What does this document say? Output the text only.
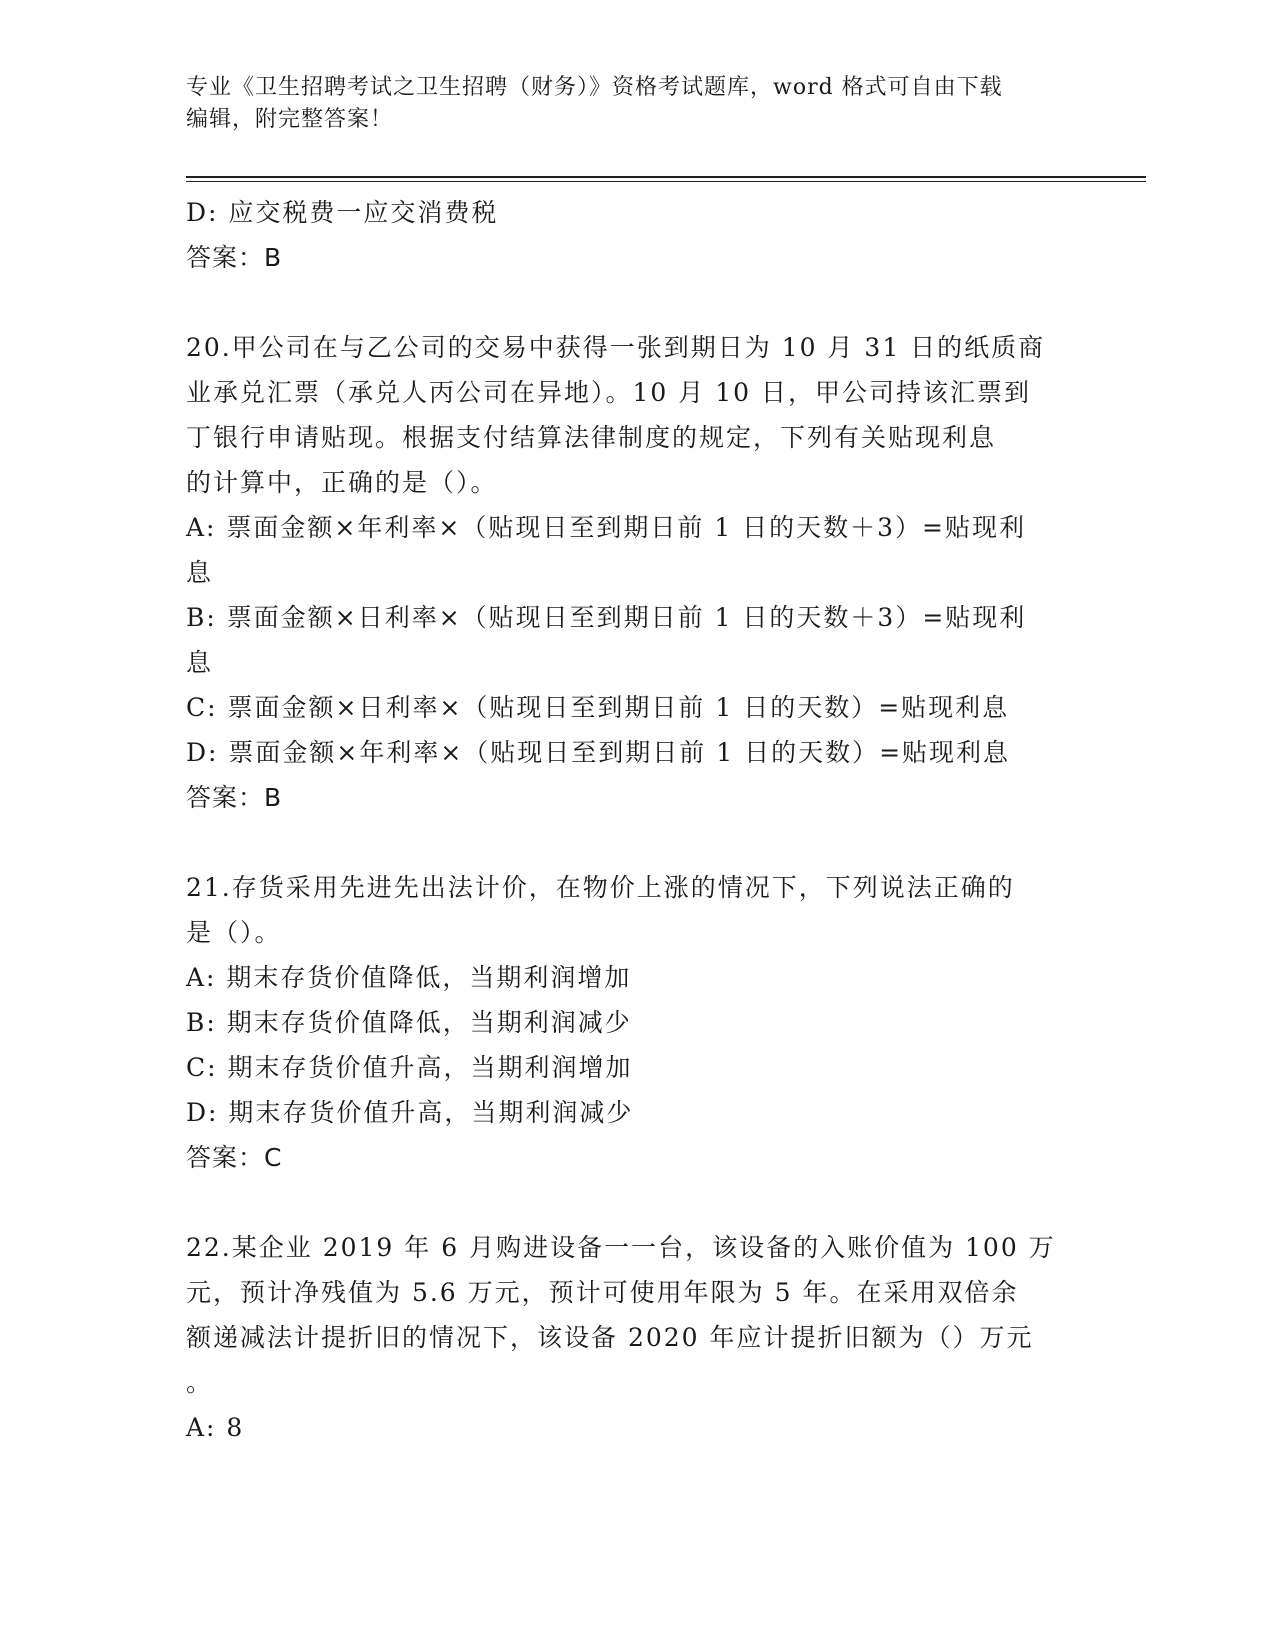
专业《卫生招聘考试之卫生招聘（财务）》资格考试题库，word 格式可自由下载
编辑，附完整答案！
D: 应交税费一应交消费税
答案：B
20.甲公司在与乙公司的交易中获得一张到期日为 10 月 31 日的纸质商
业承兑汇票（承兑人丙公司在异地）。10 月 10 日，甲公司持该汇票到
丁银行申请贴现。根据支付结算法律制度的规定，下列有关贴现利息
的计算中，正确的是（）。
A: 票面金额×年利率×（贴现日至到期日前 1 日的天数＋3）=贴现利
息
B: 票面金额×日利率×（贴现日至到期日前 1 日的天数＋3）=贴现利
息
C: 票面金额×日利率×（贴现日至到期日前 1 日的天数）=贴现利息
D: 票面金额×年利率×（贴现日至到期日前 1 日的天数）=贴现利息
答案：B
21.存货采用先进先出法计价，在物价上涨的情况下，下列说法正确的
是（）。
A: 期末存货价值降低，当期利润增加
B: 期末存货价值降低，当期利润减少
C: 期末存货价值升高，当期利润增加
D: 期末存货价值升高，当期利润减少
答案：C
22.某企业 2019 年 6 月购进设备一一台，该设备的入账价值为 100 万
元，预计净残值为 5.6 万元，预计可使用年限为 5 年。在采用双倍余
额递减法计提折旧的情况下，该设备 2020 年应计提折旧额为（）万元
。
A: 8
